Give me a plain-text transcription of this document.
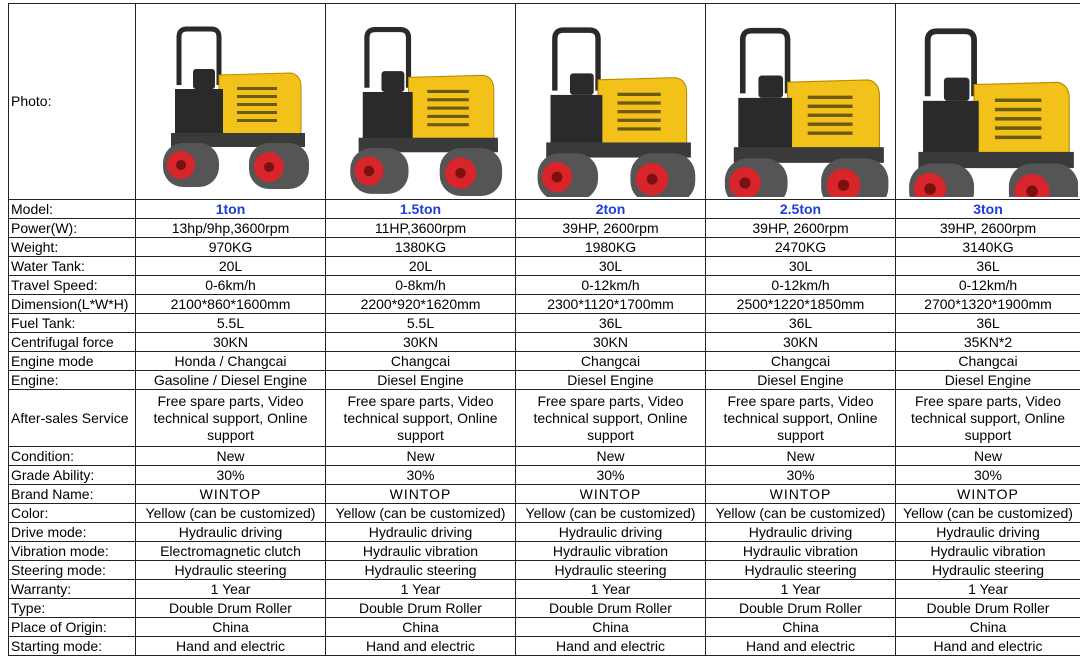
Photo:	

Model:	1ton	1.5ton	2ton	2.5ton	3ton
Power(W):	13hp/9hp,3600rpm	11HP,3600rpm	39HP, 2600rpm	39HP, 2600rpm	39HP, 2600rpm
Weight:	970KG	1380KG	1980KG	2470KG	3140KG
Water Tank:	20L	20L	30L	30L	36L
Travel Speed:	0-6km/h	0-8km/h	0-12km/h	0-12km/h	0-12km/h
Dimension(L*W*H)	2100*860*1600mm	2200*920*1620mm	2300*1120*1700mm	2500*1220*1850mm	2700*1320*1900mm
Fuel Tank:	5.5L	5.5L	36L	36L	36L
Centrifugal force	30KN	30KN	30KN	30KN	35KN*2
Engine mode	Honda / Changcai	Changcai	Changcai	Changcai	Changcai
Engine:	Gasoline / Diesel Engine	Diesel Engine	Diesel Engine	Diesel Engine	Diesel Engine
After-sales Service	Free spare parts, Video technical support, Online support	Free spare parts, Video technical support, Online support	Free spare parts, Video technical support, Online support	Free spare parts, Video technical support, Online support	Free spare parts, Video technical support, Online support
Condition:	New	New	New	New	New
Grade Ability:	30%	30%	30%	30%	30%
Brand Name:	WINTOP	WINTOP	WINTOP	WINTOP	WINTOP
Color:	Yellow (can be customized)	Yellow (can be customized)	Yellow (can be customized)	Yellow (can be customized)	Yellow (can be customized)
Drive mode:	Hydraulic driving	Hydraulic driving	Hydraulic driving	Hydraulic driving	Hydraulic driving
Vibration mode:	Electromagnetic clutch	Hydraulic vibration	Hydraulic vibration	Hydraulic vibration	Hydraulic vibration
Steering mode:	Hydraulic steering	Hydraulic steering	Hydraulic steering	Hydraulic steering	Hydraulic steering
Warranty:	1 Year	1 Year	1 Year	1 Year	1 Year
Type:	Double Drum Roller	Double Drum Roller	Double Drum Roller	Double Drum Roller	Double Drum Roller
Place of Origin:	China	China	China	China	China
Starting mode:	Hand and electric	Hand and electric	Hand and electric	Hand and electric	Hand and electric
